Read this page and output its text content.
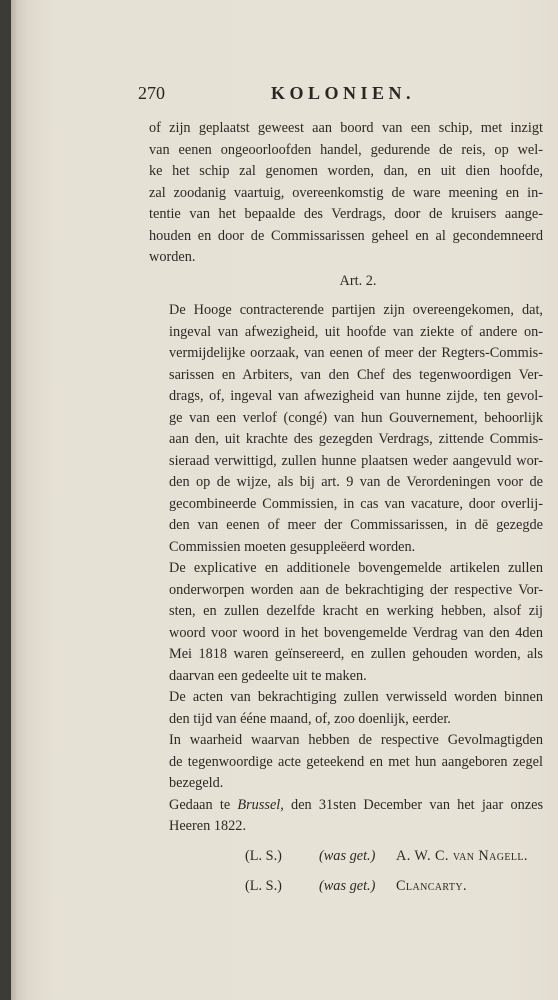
270	KOLONIEN.

of zijn geplaatst geweest aan boord van een schip, met inzigt
van eenen ongeoorloofden handel, gedurende de reis, op wel-
ke het schip zal genomen worden, dan, en uit dien hoofde,
zal zoodanig vaartuig, overeenkomstig de ware meening en in-
tentie van het bepaalde des Verdrags, door de kruisers aange-
houden en door de Commissarissen geheel en al gecondemneerd
worden.

Art. 2.

De Hooge contracterende partijen zijn overeengekomen, dat,
ingeval van afwezigheid, uit hoofde van ziekte of andere on-
vermijdelijke oorzaak, van eenen of meer der Regters-Commis-
sarissen en Arbiters, van den Chef des tegenwoordigen Ver-
drags, of, ingeval van afwezigheid van hunne zijde, ten gevol-
ge van een verlof (congé) van hun Gouvernement, behoorlijk
aan den, uit krachte des gezegden Verdrags, zittende Commis-
sieraad verwittigd, zullen hunne plaatsen weder aangevuld wor-
den op de wijze, als bij art. 9 van de Verordeningen voor de
gecombineerde Commissien, in cas van vacature, door overlij-
den van eenen of meer der Commissarissen, in dē gezegde
Commissien moeten gesuppleëerd worden.

De explicative en additionele bovengemelde artikelen zullen
onderworpen worden aan de bekrachtiging der respective Vor-
sten, en zullen dezelfde kracht en werking hebben, alsof zij
woord voor woord in het bovengemelde Verdrag van den 4den
Mei 1818 waren geïnsereerd, en zullen gehouden worden, als
daarvan een gedeelte uit te maken.

De acten van bekrachtiging zullen verwisseld worden binnen
den tijd van ééne maand, of, zoo doenlijk, eerder.

In waarheid waarvan hebben de respective Gevolmagtigden
de tegenwoordige acte geteekend en met hun aangeboren zegel
bezegeld.

Gedaan te Brussel, den 31sten December van het jaar onzes
Heeren 1822.

(L. S.)	(was get.) A. W. C. van Nagell.
(L. S.)	(was get.) Clancarty.
